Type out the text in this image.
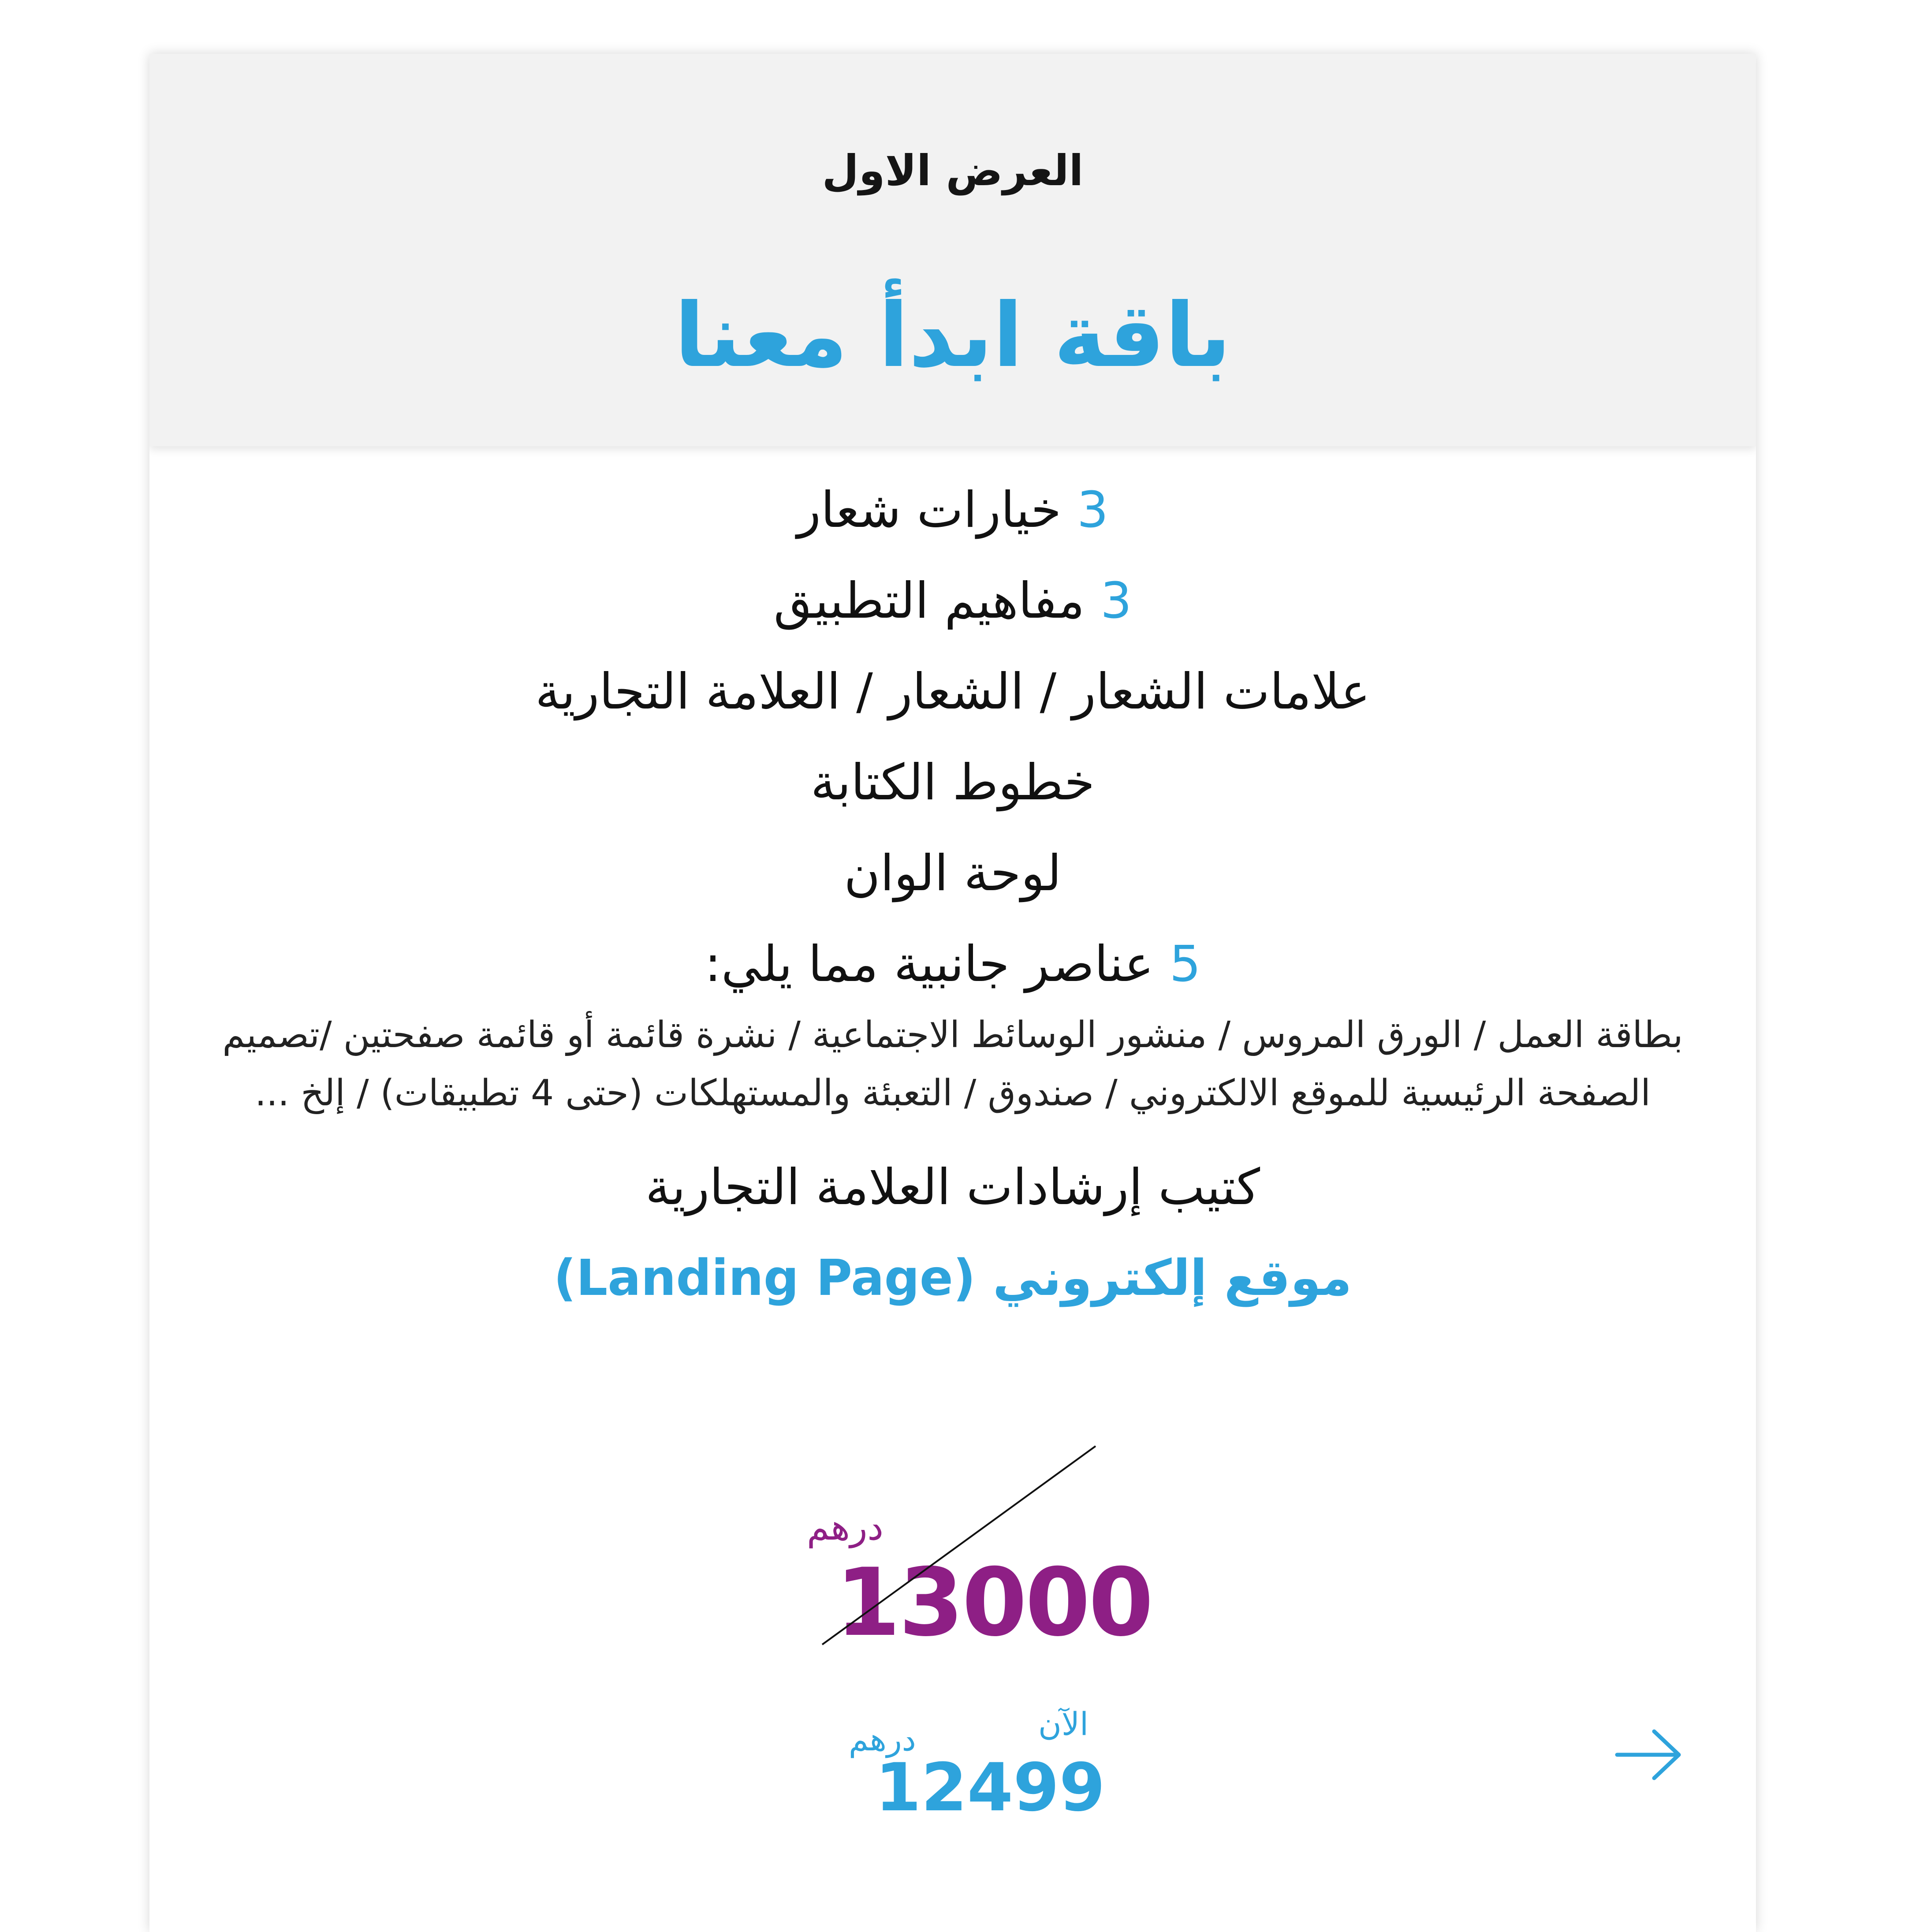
العرض الاول
باقة ابدأ معنا
3 خيارات شعار
3 مفاهيم التطبيق
علامات الشعار / الشعار / العلامة التجارية
خطوط الكتابة
لوحة الوان
5 عناصر جانبية مما يلي:
بطاقة العمل / الورق المروس / منشور الوسائط الاجتماعية / نشرة قائمة أو قائمة صفحتين /تصميم الصفحة الرئيسية للموقع الالكتروني / صندوق / التعبئة والمستهلكات (حتى 4 تطبيقات) / إلخ ...
كتيب إرشادات العلامة التجارية
موقع إلكتروني (Landing Page)
درهم
13000
الآن
درهم
12499
